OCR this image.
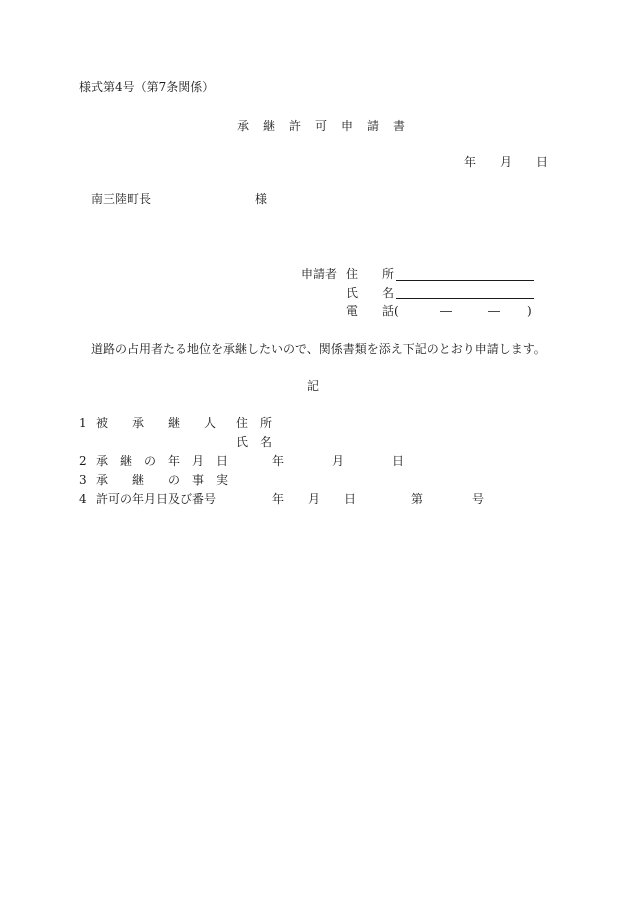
様式第4号（第7条関係）
承　継　許　可　申　請　書
年　　月　　日
南三陸町長	様
申請者 住　　所
氏　　名
電　　話(	―　　　― )
道路の占用者たる地位を承継したいので、関係書類を添え下記のとおり申請します。
記
1 被　　承　　継　　人 住　所
氏　名
2 承　継　の　年　月　日	年　　　　月　　　　日
3 承　　継　　の　事　実
4 許可の年月日及び番号	年　　月　　日	第	号
